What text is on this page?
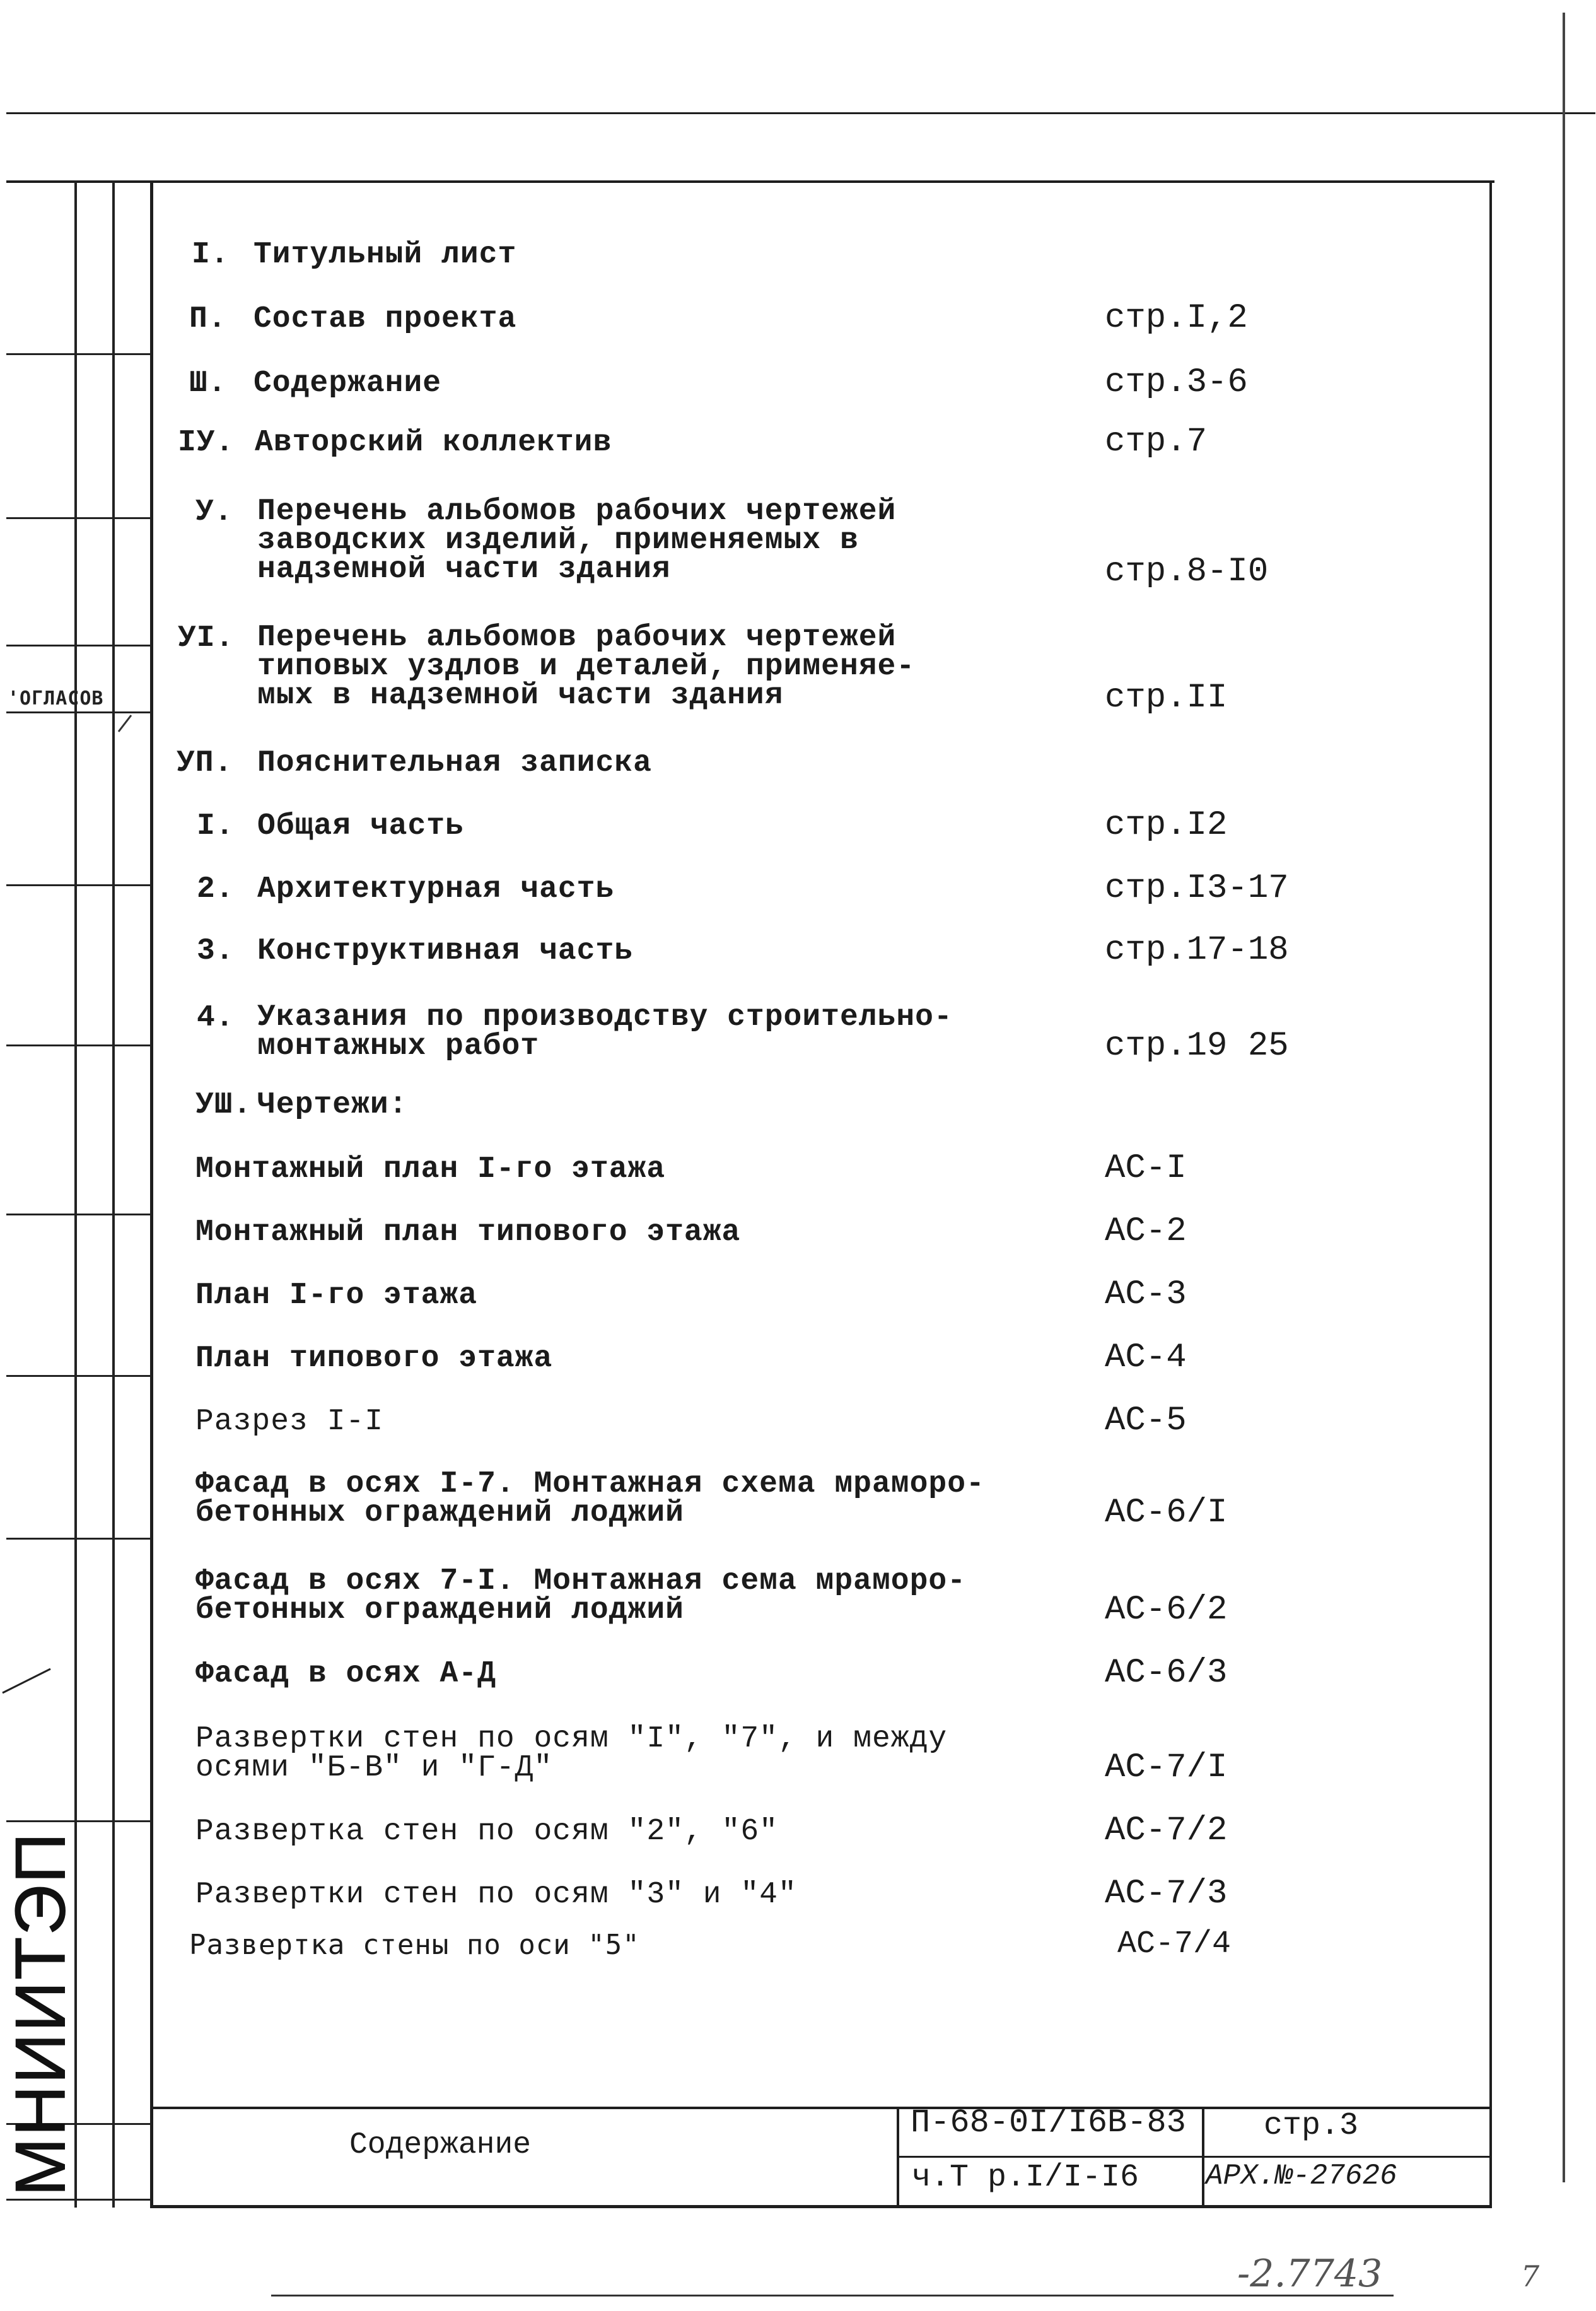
'ОГЛАСОВ
МНИИТЭП
I. Титульный лист
П. Состав проекта	стр.I,2
Ш. Содержание	стр.3-6
IУ. Авторский коллектив	стр.7
У. Перечень альбомов рабочих чертежей
заводских изделий, применяемых в
надземной части здания	стр.8-I0
УI. Перечень альбомов рабочих чертежей
типовых уздлов и деталей, применяе-
мых в надземной части здания	стр.II
УП. Пояснительная записка
I. Общая часть	стр.I2
2. Архитектурная часть	стр.I3-17
3. Конструктивная часть	стр.17-18
4. Указания по производству строительно-
монтажных работ	стр.19 25
УШ. Чертежи:
Монтажный план I-го этажа	АС-I
Монтажный план типового этажа	АС-2
План I-го этажа	АС-3
План типового этажа	АС-4
Разрез I-I	АС-5
Фасад в осях I-7. Монтажная схема мраморо-
бетонных ограждений лоджий	АС-6/I
Фасад в осях 7-I. Монтажная сема мраморо-
бетонных ограждений лоджий	АС-6/2
Фасад в осях А-Д	АС-6/3
Развертки стен по осям "I", "7", и между
осями "Б-В" и "Г-Д"	АС-7/I
Развертка стен по осям "2", "6"	АС-7/2
Развертки стен по осям "3" и "4"	АС-7/3
Развертка стены по оси "5"	АС-7/4
Содержание
П-68-0I/I6В-83 стр.3
ч.Т р.I/I-I6 АРХ.№-27626
-2.7743	7
